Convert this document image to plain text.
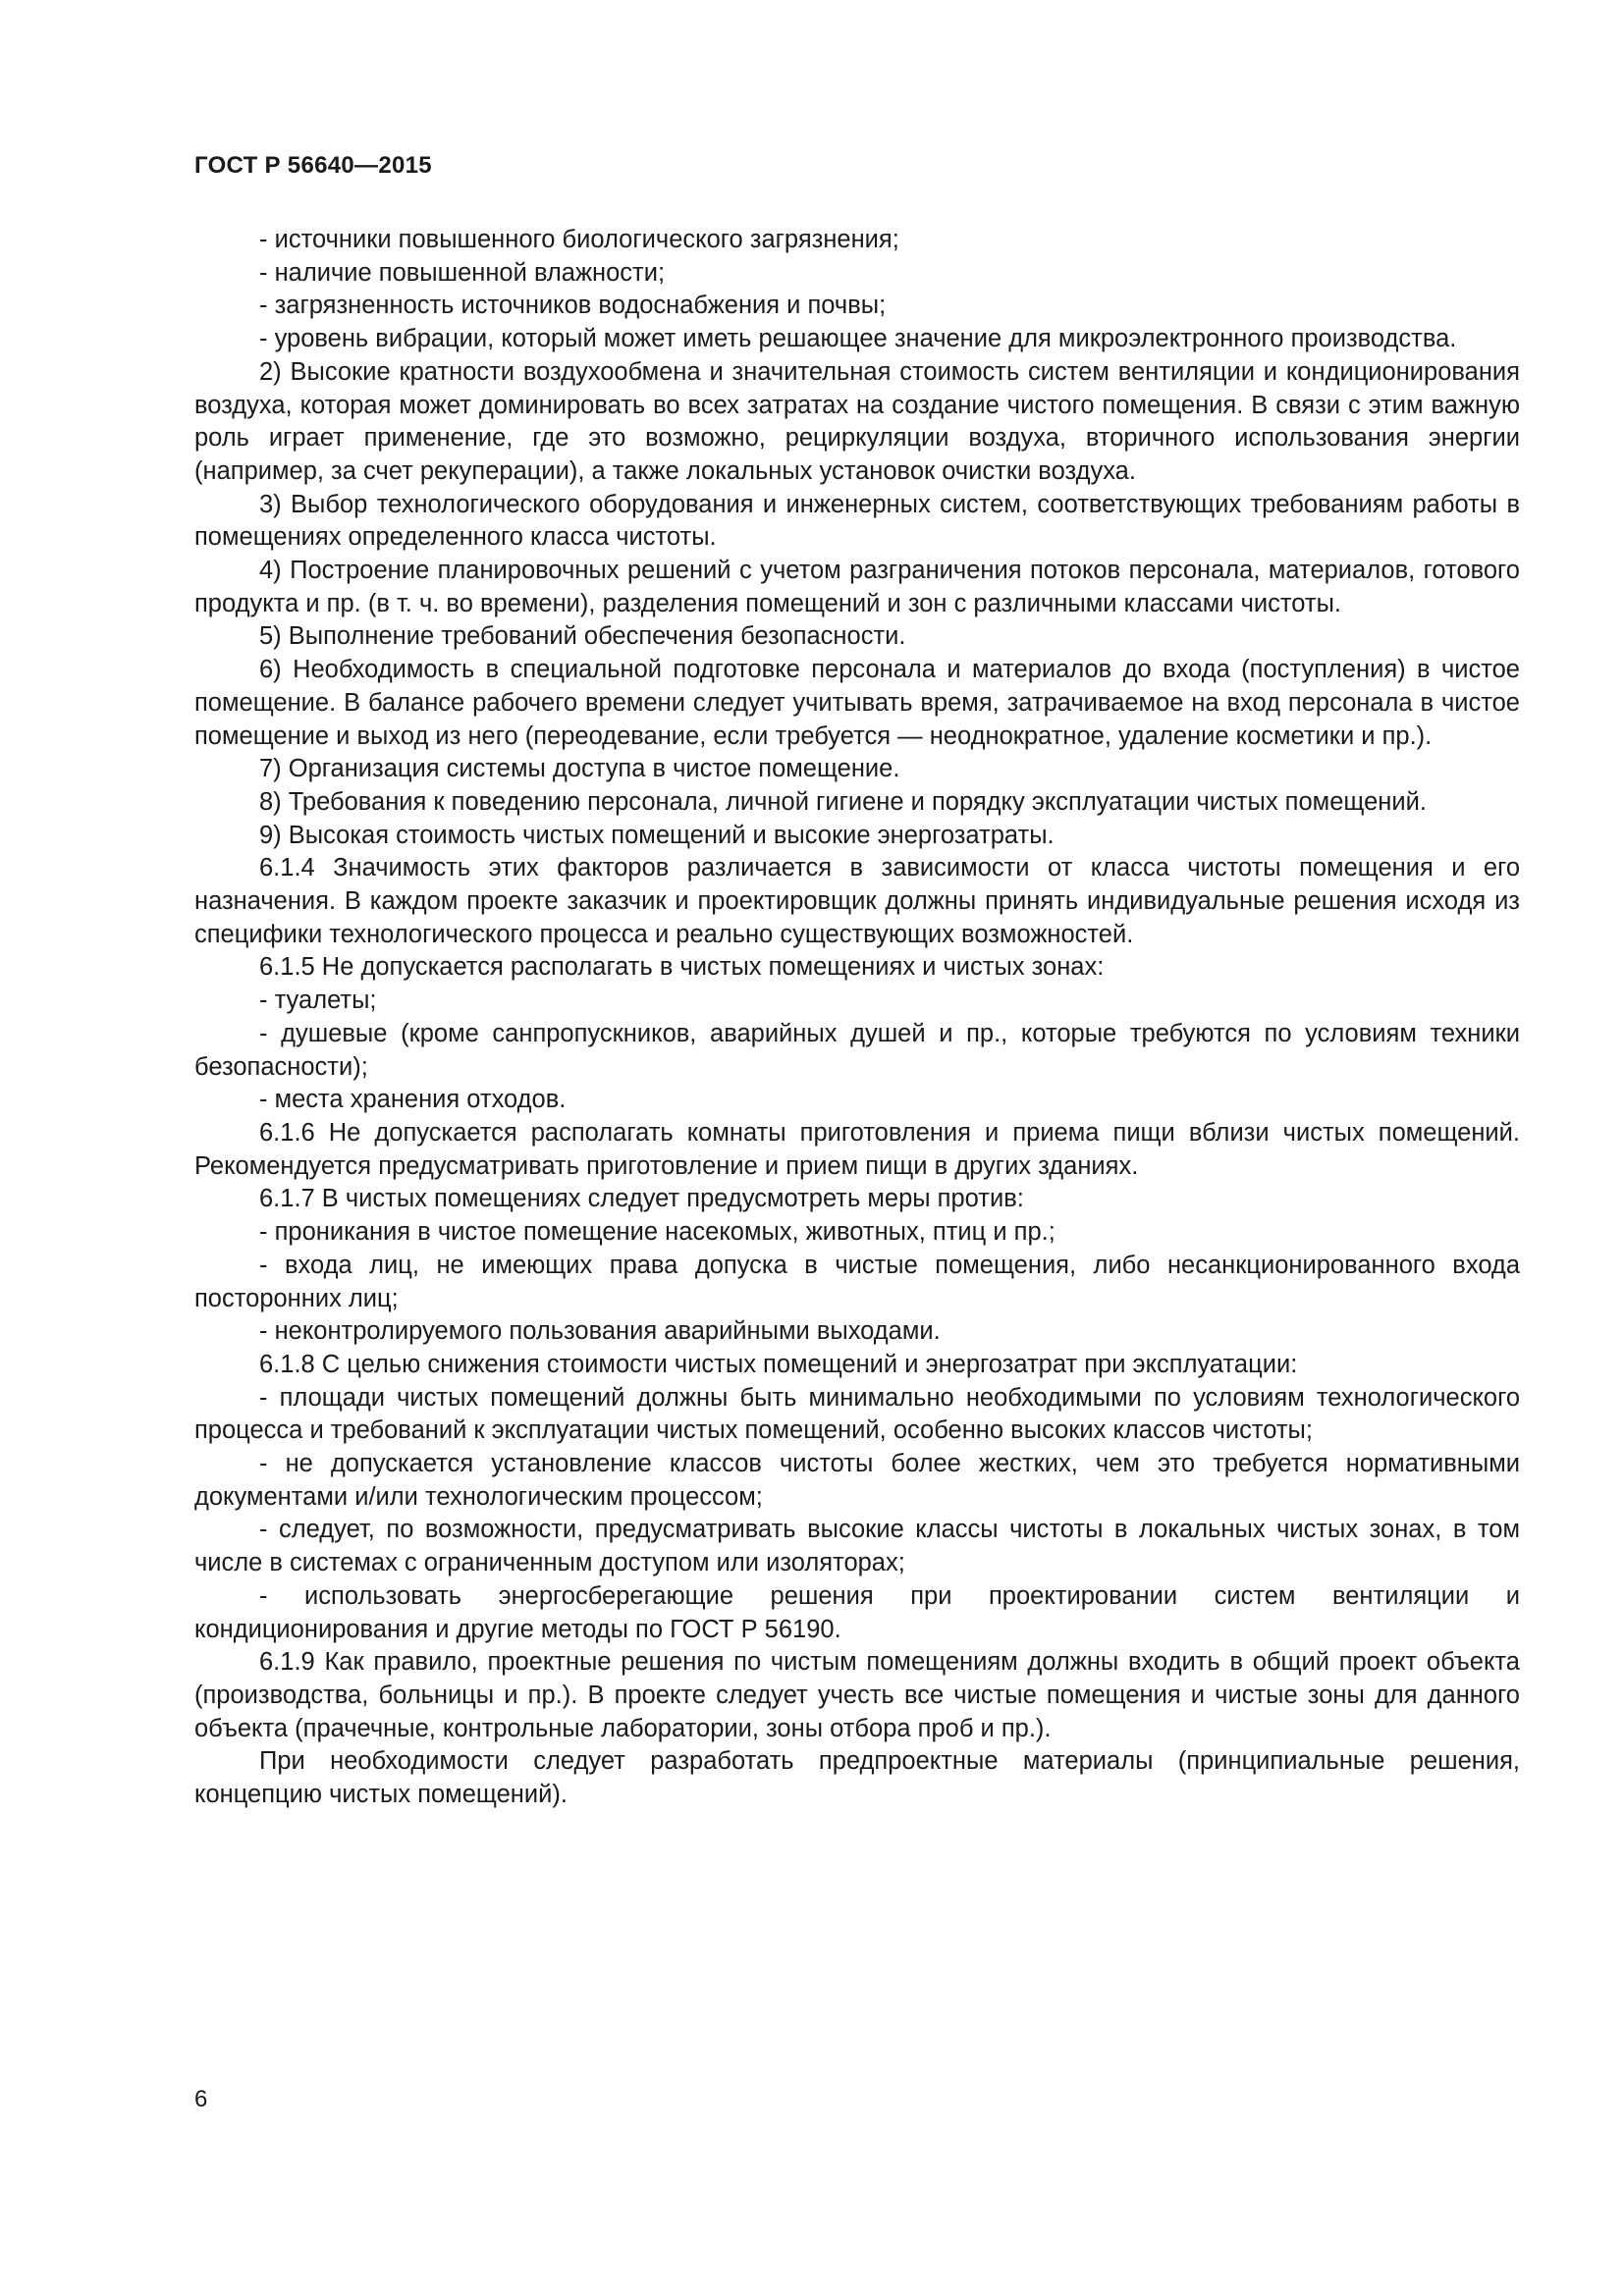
ГОСТ Р 56640—2015

- источники повышенного биологического загрязнения;

- наличие повышенной влажности;

- загрязненность источников водоснабжения и почвы;

- уровень вибрации, который может иметь решающее значение для микроэлектронного производства.

2) Высокие кратности воздухообмена и значительная стоимость систем вентиляции и кондиционирования воздуха, которая может доминировать во всех затратах на создание чистого помещения. В связи с этим важную роль играет применение, где это возможно, рециркуляции воздуха, вторичного использования энергии (например, за счет рекуперации), а также локальных установок очистки воздуха.

3) Выбор технологического оборудования и инженерных систем, соответствующих требованиям работы в помещениях определенного класса чистоты.

4) Построение планировочных решений с учетом разграничения потоков персонала, материалов, готового продукта и пр. (в т. ч. во времени), разделения помещений и зон с различными классами чистоты.

5) Выполнение требований обеспечения безопасности.

6) Необходимость в специальной подготовке персонала и материалов до входа (поступления) в чистое помещение. В балансе рабочего времени следует учитывать время, затрачиваемое на вход персонала в чистое помещение и выход из него (переодевание, если требуется — неоднократное, удаление косметики и пр.).

7) Организация системы доступа в чистое помещение.

8) Требования к поведению персонала, личной гигиене и порядку эксплуатации чистых помещений.

9) Высокая стоимость чистых помещений и высокие энергозатраты.

6.1.4 Значимость этих факторов различается в зависимости от класса чистоты помещения и его назначения. В каждом проекте заказчик и проектировщик должны принять индивидуальные решения исходя из специфики технологического процесса и реально существующих возможностей.

6.1.5 Не допускается располагать в чистых помещениях и чистых зонах:

- туалеты;

- душевые (кроме санпропускников, аварийных душей и пр., которые требуются по условиям техники безопасности);

- места хранения отходов.

6.1.6 Не допускается располагать комнаты приготовления и приема пищи вблизи чистых помещений. Рекомендуется предусматривать приготовление и прием пищи в других зданиях.

6.1.7 В чистых помещениях следует предусмотреть меры против:

- проникания в чистое помещение насекомых, животных, птиц и пр.;

- входа лиц, не имеющих права допуска в чистые помещения, либо несанкционированного входа посторонних лиц;

- неконтролируемого пользования аварийными выходами.

6.1.8 С целью снижения стоимости чистых помещений и энергозатрат при эксплуатации:

- площади чистых помещений должны быть минимально необходимыми по условиям технологического процесса и требований к эксплуатации чистых помещений, особенно высоких классов чистоты;

- не допускается установление классов чистоты более жестких, чем это требуется нормативными документами и/или технологическим процессом;

- следует, по возможности, предусматривать высокие классы чистоты в локальных чистых зонах, в том числе в системах с ограниченным доступом или изоляторах;

- использовать энергосберегающие решения при проектировании систем вентиляции и кондиционирования и другие методы по ГОСТ Р 56190.

6.1.9 Как правило, проектные решения по чистым помещениям должны входить в общий проект объекта (производства, больницы и пр.). В проекте следует учесть все чистые помещения и чистые зоны для данного объекта (прачечные, контрольные лаборатории, зоны отбора проб и пр.).

При необходимости следует разработать предпроектные материалы (принципиальные решения, концепцию чистых помещений).

6
